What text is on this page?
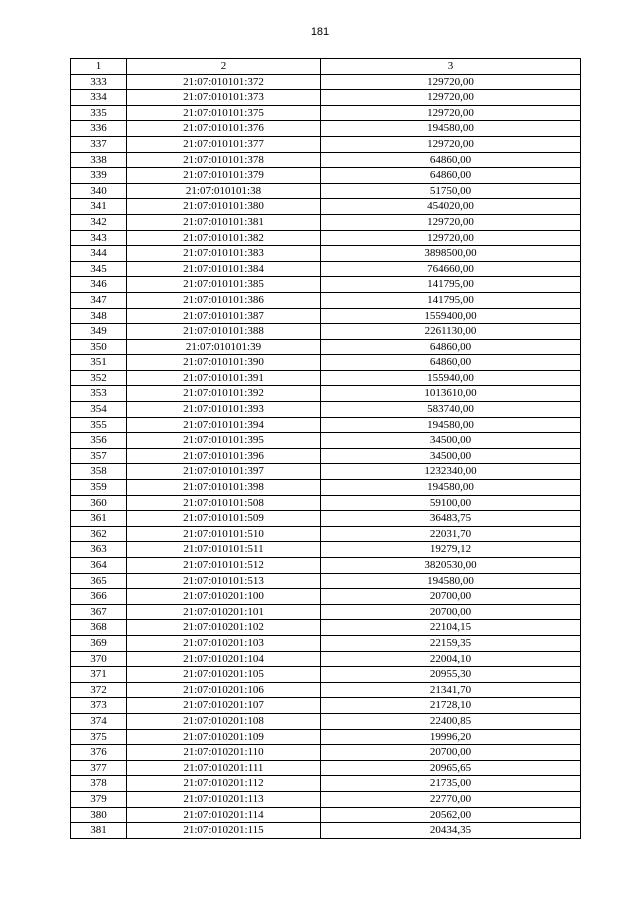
181
1	2	3
333	21:07:010101:372	129720,00
334	21:07:010101:373	129720,00
335	21:07:010101:375	129720,00
336	21:07:010101:376	194580,00
337	21:07:010101:377	129720,00
338	21:07:010101:378	64860,00
339	21:07:010101:379	64860,00
340	21:07:010101:38	51750,00
341	21:07:010101:380	454020,00
342	21:07:010101:381	129720,00
343	21:07:010101:382	129720,00
344	21:07:010101:383	3898500,00
345	21:07:010101:384	764660,00
346	21:07:010101:385	141795,00
347	21:07:010101:386	141795,00
348	21:07:010101:387	1559400,00
349	21:07:010101:388	2261130,00
350	21:07:010101:39	64860,00
351	21:07:010101:390	64860,00
352	21:07:010101:391	155940,00
353	21:07:010101:392	1013610,00
354	21:07:010101:393	583740,00
355	21:07:010101:394	194580,00
356	21:07:010101:395	34500,00
357	21:07:010101:396	34500,00
358	21:07:010101:397	1232340,00
359	21:07:010101:398	194580,00
360	21:07:010101:508	59100,00
361	21:07:010101:509	36483,75
362	21:07:010101:510	22031,70
363	21:07:010101:511	19279,12
364	21:07:010101:512	3820530,00
365	21:07:010101:513	194580,00
366	21:07:010201:100	20700,00
367	21:07:010201:101	20700,00
368	21:07:010201:102	22104,15
369	21:07:010201:103	22159,35
370	21:07:010201:104	22004,10
371	21:07:010201:105	20955,30
372	21:07:010201:106	21341,70
373	21:07:010201:107	21728,10
374	21:07:010201:108	22400,85
375	21:07:010201:109	19996,20
376	21:07:010201:110	20700,00
377	21:07:010201:111	20965,65
378	21:07:010201:112	21735,00
379	21:07:010201:113	22770,00
380	21:07:010201:114	20562,00
381	21:07:010201:115	20434,35
